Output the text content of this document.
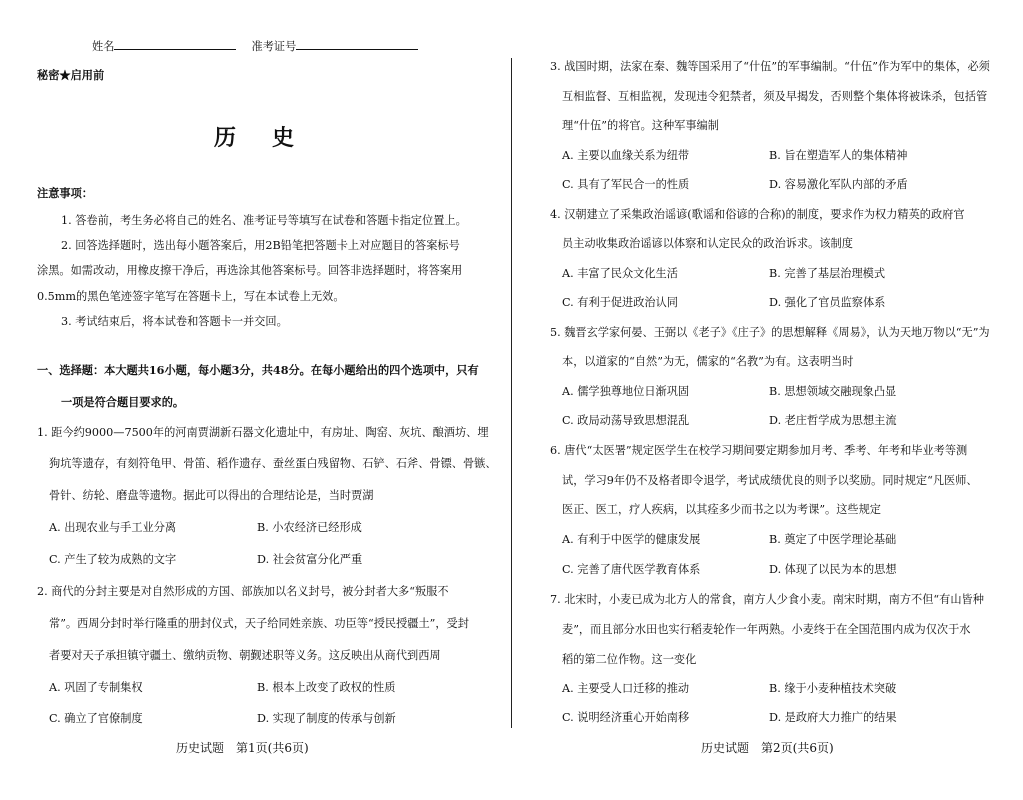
姓名	准考证号
秘密★启用前
历史
注意事项：
1. 答卷前，考生务必将自己的姓名、准考证号等填写在试卷和答题卡指定位置上。
2. 回答选择题时，选出每小题答案后，用2B铅笔把答题卡上对应题目的答案标号
涂黑。如需改动，用橡皮擦干净后，再选涂其他答案标号。回答非选择题时，将答案用
0.5mm的黑色笔迹签字笔写在答题卡上，写在本试卷上无效。
3. 考试结束后，将本试卷和答题卡一并交回。
一、选择题：本大题共16小题，每小题3分，共48分。在每小题给出的四个选项中，只有
一项是符合题目要求的。
1. 距今约9000—7500年的河南贾湖新石器文化遗址中，有房址、陶窑、灰坑、酿酒坊、埋
狗坑等遗存，有刻符龟甲、骨笛、稻作遗存、蚕丝蛋白残留物、石铲、石斧、骨镖、骨镞、
骨针、纺轮、磨盘等遗物。据此可以得出的合理结论是，当时贾湖
A. 出现农业与手工业分离	B. 小农经济已经形成
C. 产生了较为成熟的文字	D. 社会贫富分化严重
2. 商代的分封主要是对自然形成的方国、部族加以名义封号，被分封者大多“叛服不
常”。西周分封时举行隆重的册封仪式，天子给同姓亲族、功臣等“授民授疆土”，受封
者要对天子承担镇守疆土、缴纳贡物、朝觐述职等义务。这反映出从商代到西周
A. 巩固了专制集权	B. 根本上改变了政权的性质
C. 确立了官僚制度	D. 实现了制度的传承与创新
3. 战国时期，法家在秦、魏等国采用了“什伍”的军事编制。“什伍”作为军中的集体，必须
互相监督、互相监视，发现违令犯禁者，须及早揭发，否则整个集体将被诛杀，包括管
理“什伍”的将官。这种军事编制
A. 主要以血缘关系为纽带	B. 旨在塑造军人的集体精神
C. 具有了军民合一的性质	D. 容易激化军队内部的矛盾
4. 汉朝建立了采集政治谣谚(歌谣和俗谚的合称)的制度，要求作为权力精英的政府官
员主动收集政治谣谚以体察和认定民众的政治诉求。该制度
A. 丰富了民众文化生活	B. 完善了基层治理模式
C. 有利于促进政治认同	D. 强化了官员监察体系
5. 魏晋玄学家何晏、王弼以《老子》《庄子》的思想解释《周易》，认为天地万物以“无”为
本，以道家的“自然”为无，儒家的“名教”为有。这表明当时
A. 儒学独尊地位日渐巩固	B. 思想领域交融现象凸显
C. 政局动荡导致思想混乱	D. 老庄哲学成为思想主流
6. 唐代“太医署”规定医学生在校学习期间要定期参加月考、季考、年考和毕业考等测
试，学习9年仍不及格者即令退学，考试成绩优良的则予以奖励。同时规定“凡医师、
医正、医工，疗人疾病，以其痊多少而书之以为考课”。这些规定
A. 有利于中医学的健康发展	B. 奠定了中医学理论基础
C. 完善了唐代医学教育体系	D. 体现了以民为本的思想
7. 北宋时，小麦已成为北方人的常食，南方人少食小麦。南宋时期，南方不但“有山皆种
麦”，而且部分水田也实行稻麦轮作一年两熟。小麦终于在全国范围内成为仅次于水
稻的第二位作物。这一变化
A. 主要受人口迁移的推动	B. 缘于小麦种植技术突破
C. 说明经济重心开始南移	D. 是政府大力推广的结果
历史试题　第1页(共6页)	历史试题　第2页(共6页)
